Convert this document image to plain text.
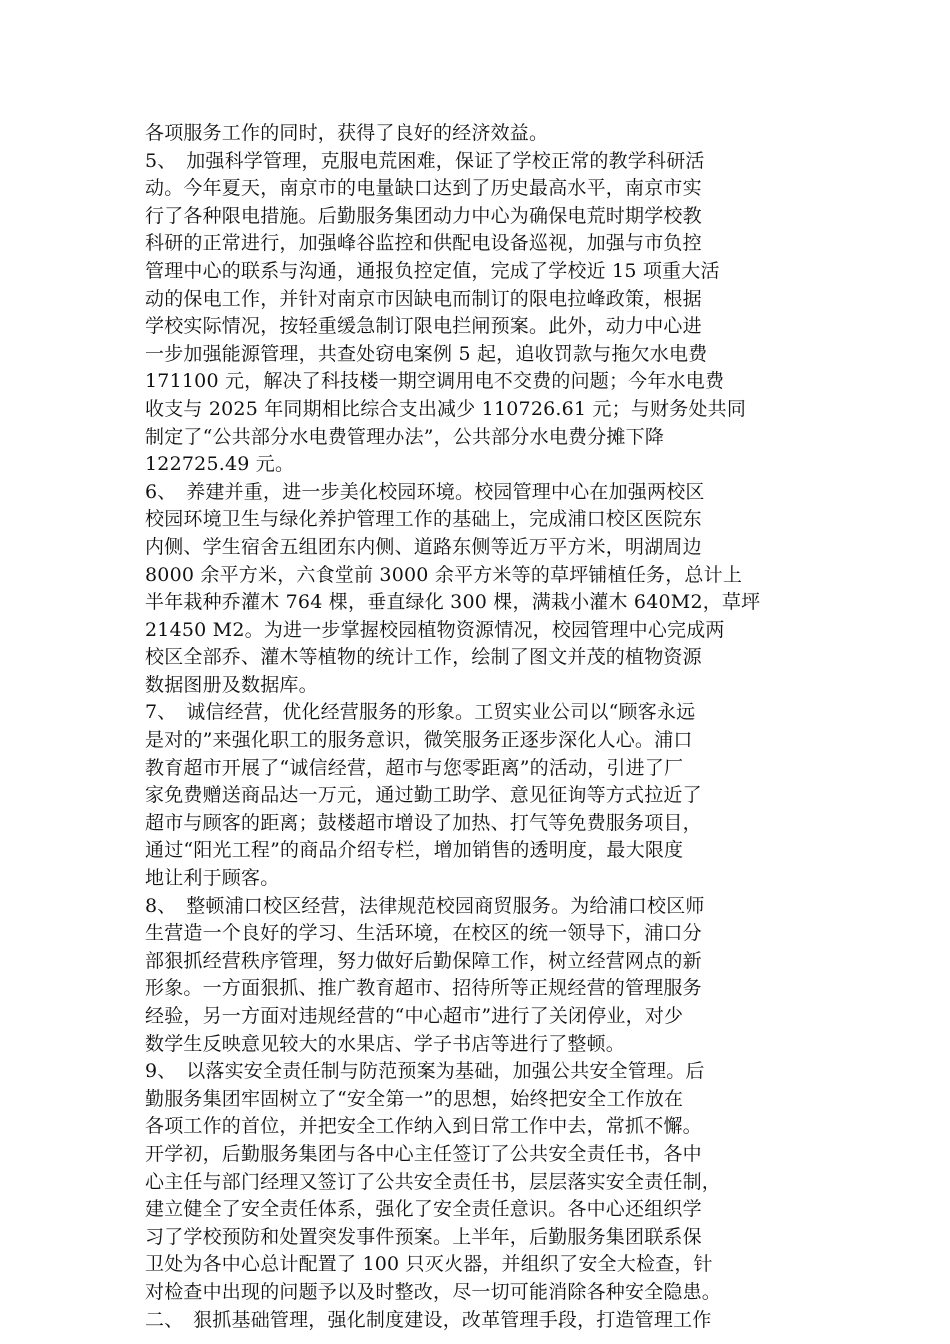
各项服务工作的同时，获得了良好的经济效益。
5、　加强科学管理，克服电荒困难，保证了学校正常的教学科研活
动。今年夏天，南京市的电量缺口达到了历史最高水平，南京市实
行了各种限电措施。后勤服务集团动力中心为确保电荒时期学校教
科研的正常进行，加强峰谷监控和供配电设备巡视，加强与市负控
管理中心的联系与沟通，通报负控定值，完成了学校近 15 项重大活
动的保电工作，并针对南京市因缺电而制订的限电拉峰政策，根据
学校实际情况，按轻重缓急制订限电拦闸预案。此外，动力中心进
一步加强能源管理，共查处窃电案例 5 起，追收罚款与拖欠水电费
171100 元，解决了科技楼一期空调用电不交费的问题；今年水电费
收支与 2025 年同期相比综合支出减少 110726.61 元；与财务处共同
制定了“公共部分水电费管理办法”，公共部分水电费分摊下降
122725.49 元。
6、　养建并重，进一步美化校园环境。校园管理中心在加强两校区
校园环境卫生与绿化养护管理工作的基础上，完成浦口校区医院东
内侧、学生宿舍五组团东内侧、道路东侧等近万平方米，明湖周边
8000 余平方米，六食堂前 3000 余平方米等的草坪铺植任务，总计上
半年栽种乔灌木 764 棵，垂直绿化 300 棵，满栽小灌木 640M2，草坪
21450 M2。为进一步掌握校园植物资源情况，校园管理中心完成两
校区全部乔、灌木等植物的统计工作，绘制了图文并茂的植物资源
数据图册及数据库。
7、　诚信经营，优化经营服务的形象。工贸实业公司以“顾客永远
是对的”来强化职工的服务意识，微笑服务正逐步深化人心。浦口
教育超市开展了“诚信经营，超市与您零距离”的活动，引进了厂
家免费赠送商品达一万元，通过勤工助学、意见征询等方式拉近了
超市与顾客的距离；鼓楼超市增设了加热、打气等免费服务项目，
通过“阳光工程”的商品介绍专栏，增加销售的透明度，最大限度
地让利于顾客。
8、　整顿浦口校区经营，法律规范校园商贸服务。为给浦口校区师
生营造一个良好的学习、生活环境，在校区的统一领导下，浦口分
部狠抓经营秩序管理，努力做好后勤保障工作，树立经营网点的新
形象。一方面狠抓、推广教育超市、招待所等正规经营的管理服务
经验，另一方面对违规经营的“中心超市”进行了关闭停业，对少
数学生反映意见较大的水果店、学子书店等进行了整顿。
9、　以落实安全责任制与防范预案为基础，加强公共安全管理。后
勤服务集团牢固树立了“安全第一”的思想，始终把安全工作放在
各项工作的首位，并把安全工作纳入到日常工作中去，常抓不懈。
开学初，后勤服务集团与各中心主任签订了公共安全责任书，各中
心主任与部门经理又签订了公共安全责任书，层层落实安全责任制，
建立健全了安全责任体系，强化了安全责任意识。各中心还组织学
习了学校预防和处置突发事件预案。上半年，后勤服务集团联系保
卫处为各中心总计配置了 100 只灭火器，并组织了安全大检查，针
对检查中出现的问题予以及时整改，尽一切可能消除各种安全隐患。
二、　狠抓基础管理，强化制度建设，改革管理手段，打造管理工作
